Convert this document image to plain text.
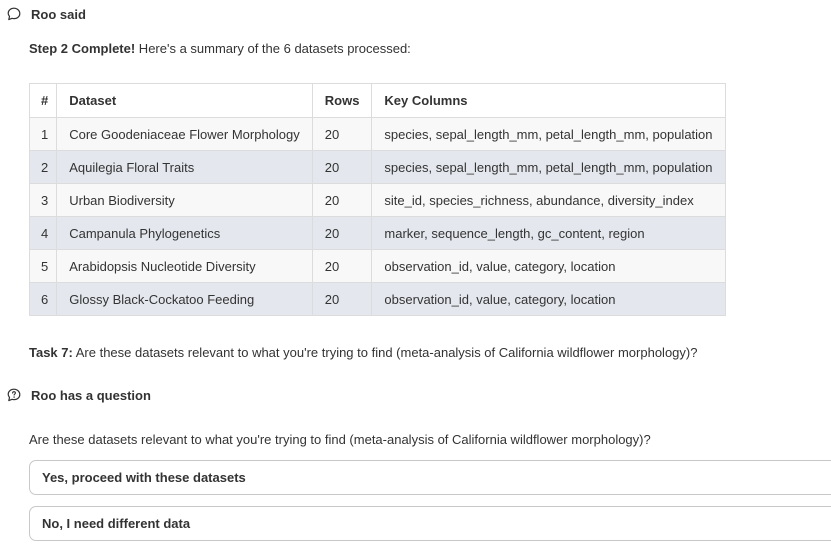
Roo said
Step 2 Complete! Here's a summary of the 6 datasets processed:
#	Dataset	Rows	Key Columns
1	Core Goodeniaceae Flower Morphology	20	species, sepal_length_mm, petal_length_mm, population
2	Aquilegia Floral Traits	20	species, sepal_length_mm, petal_length_mm, population
3	Urban Biodiversity	20	site_id, species_richness, abundance, diversity_index
4	Campanula Phylogenetics	20	marker, sequence_length, gc_content, region
5	Arabidopsis Nucleotide Diversity	20	observation_id, value, category, location
6	Glossy Black-Cockatoo Feeding	20	observation_id, value, category, location
Task 7: Are these datasets relevant to what you're trying to find (meta-analysis of California wildflower morphology)?
Roo has a question
Are these datasets relevant to what you're trying to find (meta-analysis of California wildflower morphology)?
Yes, proceed with these datasets
No, I need different data
